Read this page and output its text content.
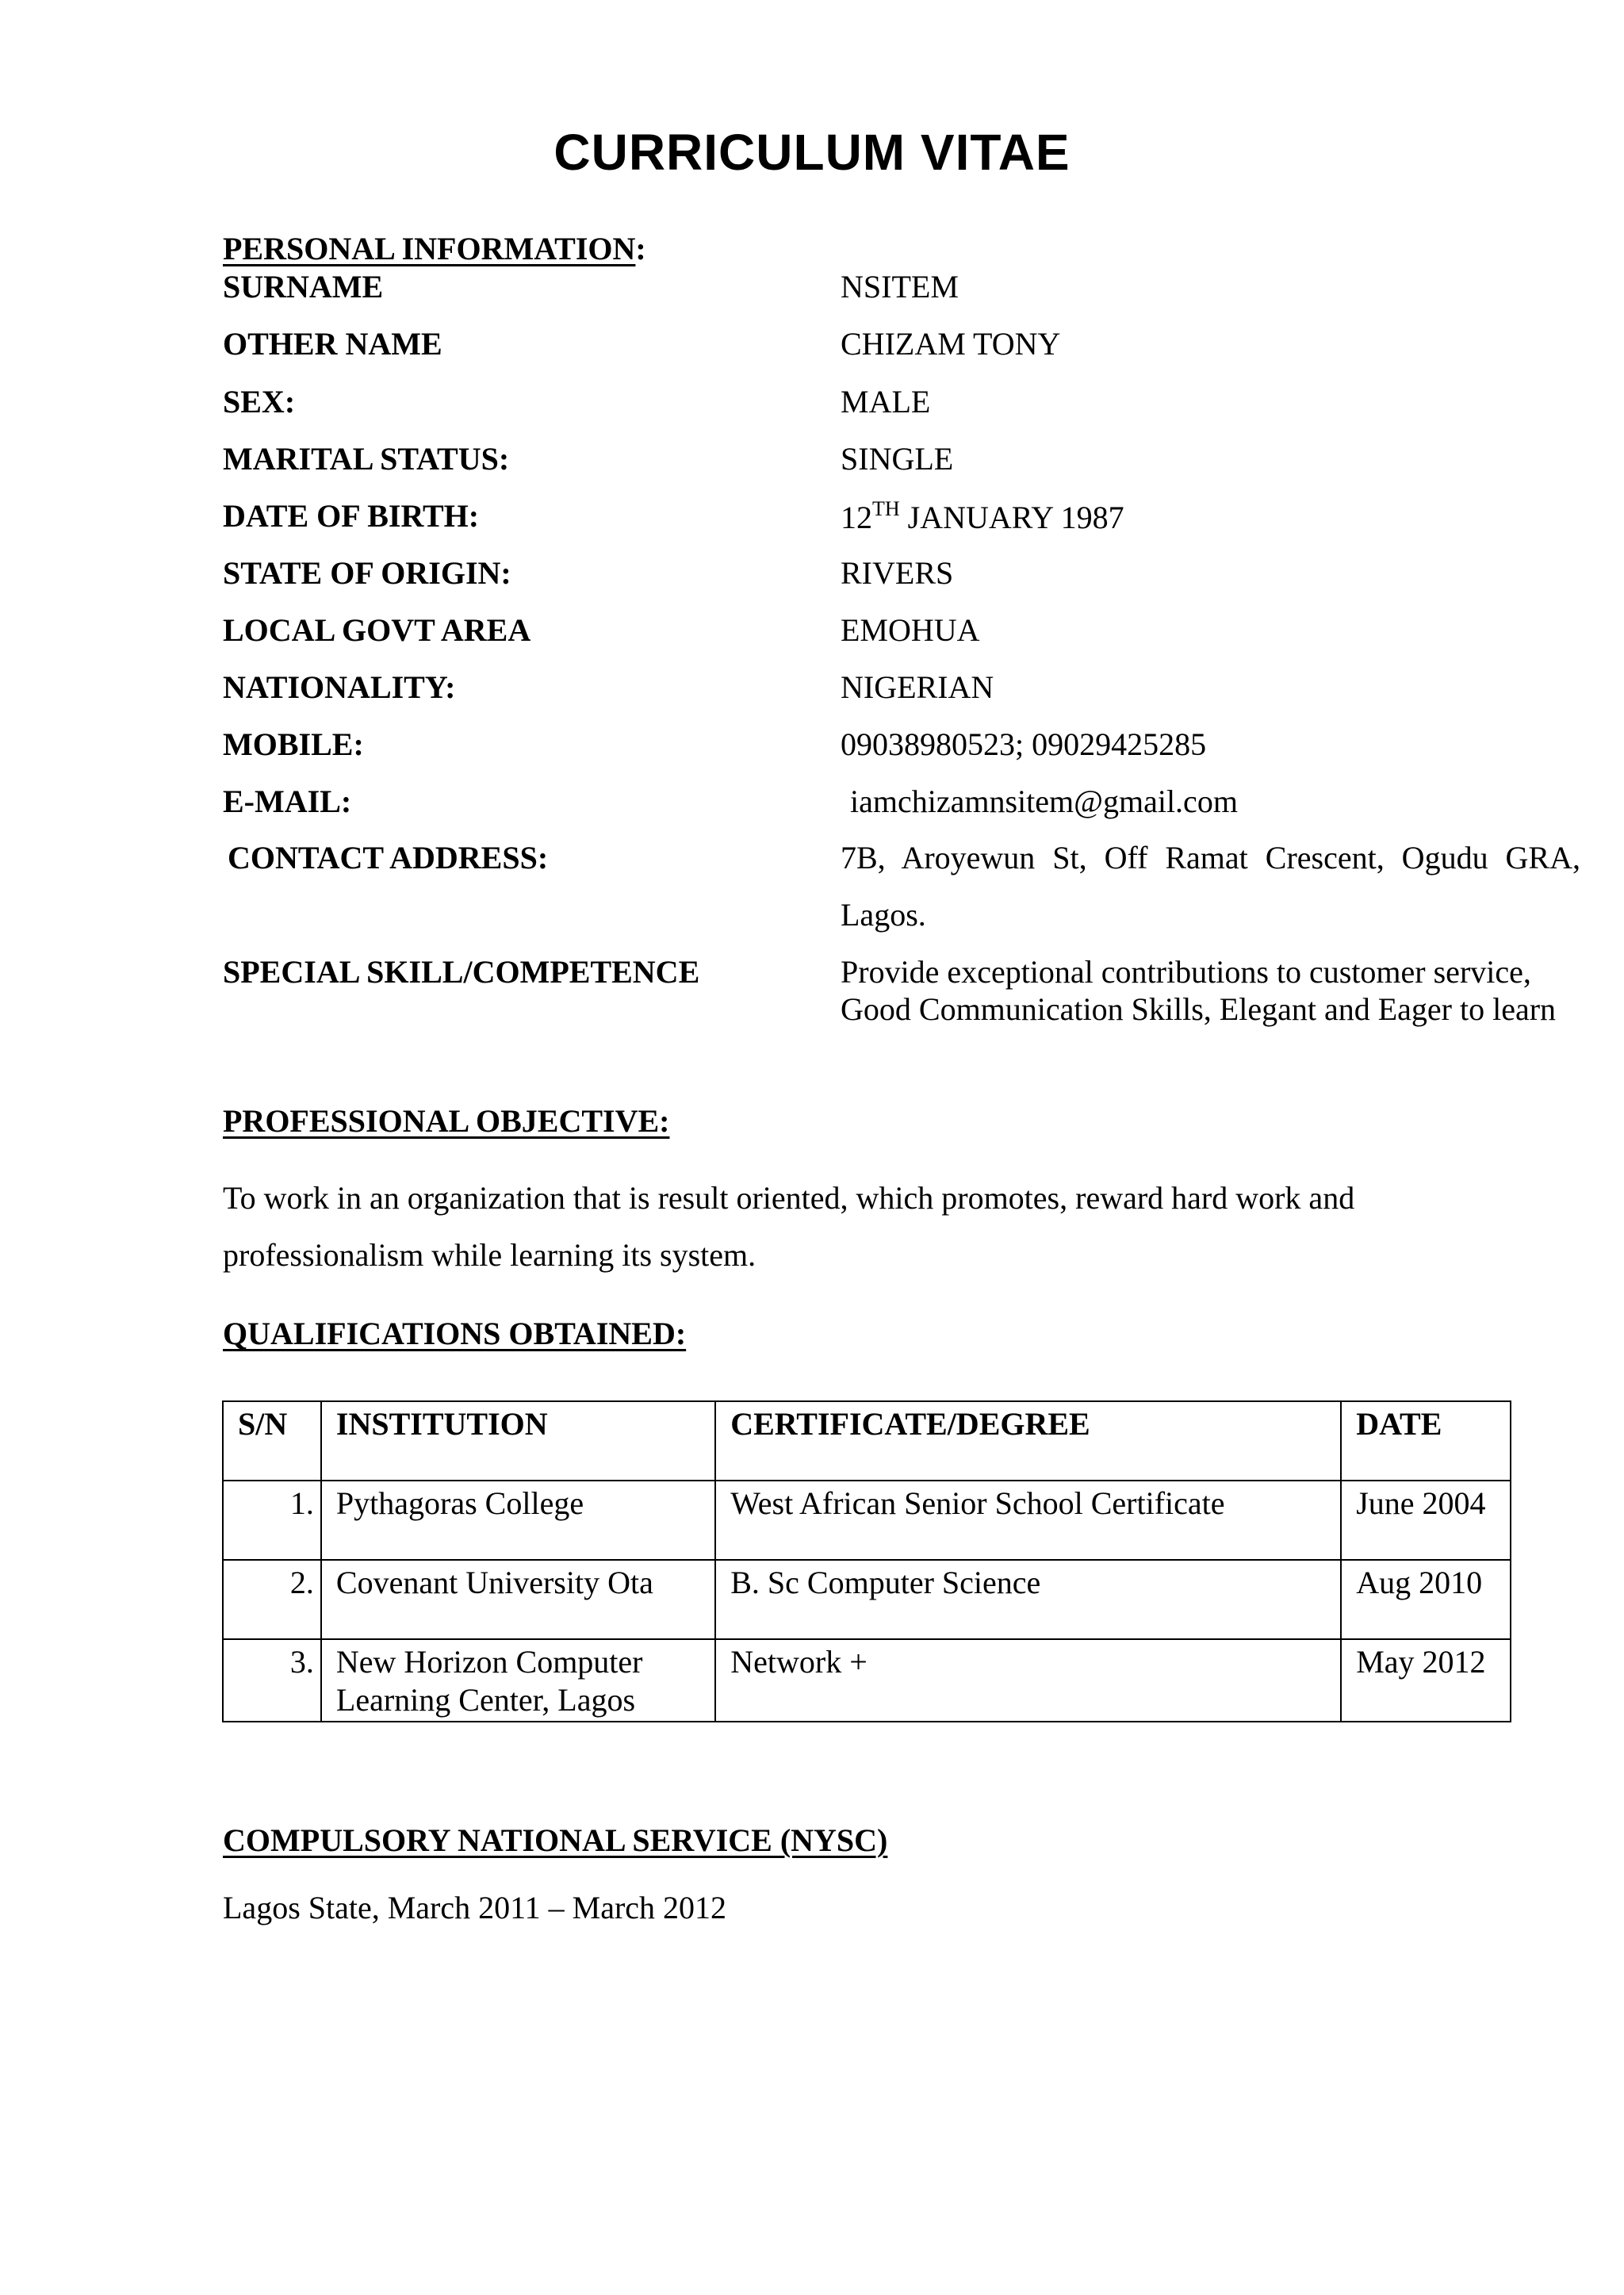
CURRICULUM VITAE
PERSONAL INFORMATION:
SURNAME	NSITEM
OTHER NAME	CHIZAM TONY
SEX:	MALE
MARITAL STATUS:	SINGLE
DATE OF BIRTH:	12TH JANUARY 1987
STATE OF ORIGIN:	RIVERS
LOCAL GOVT AREA	EMOHUA
NATIONALITY:	NIGERIAN
MOBILE:	09038980523; 09029425285
E-MAIL:	iamchizamnsitem@gmail.com
CONTACT ADDRESS:	7B, Aroyewun St, Off Ramat Crescent, Ogudu GRA,
Lagos.
SPECIAL SKILL/COMPETENCE	Provide exceptional contributions to customer service, Good Communication Skills, Elegant and Eager to learn
PROFESSIONAL OBJECTIVE:
To work in an organization that is result oriented, which promotes, reward hard work and professionalism while learning its system.
QUALIFICATIONS OBTAINED:
S/N	INSTITUTION	CERTIFICATE/DEGREE	DATE
1.	Pythagoras College	West African Senior School Certificate	June 2004
2.	Covenant University Ota	B. Sc Computer Science	Aug 2010
3.	New Horizon Computer Learning Center, Lagos	Network +	May 2012
COMPULSORY NATIONAL SERVICE (NYSC)
Lagos State, March 2011 – March 2012
